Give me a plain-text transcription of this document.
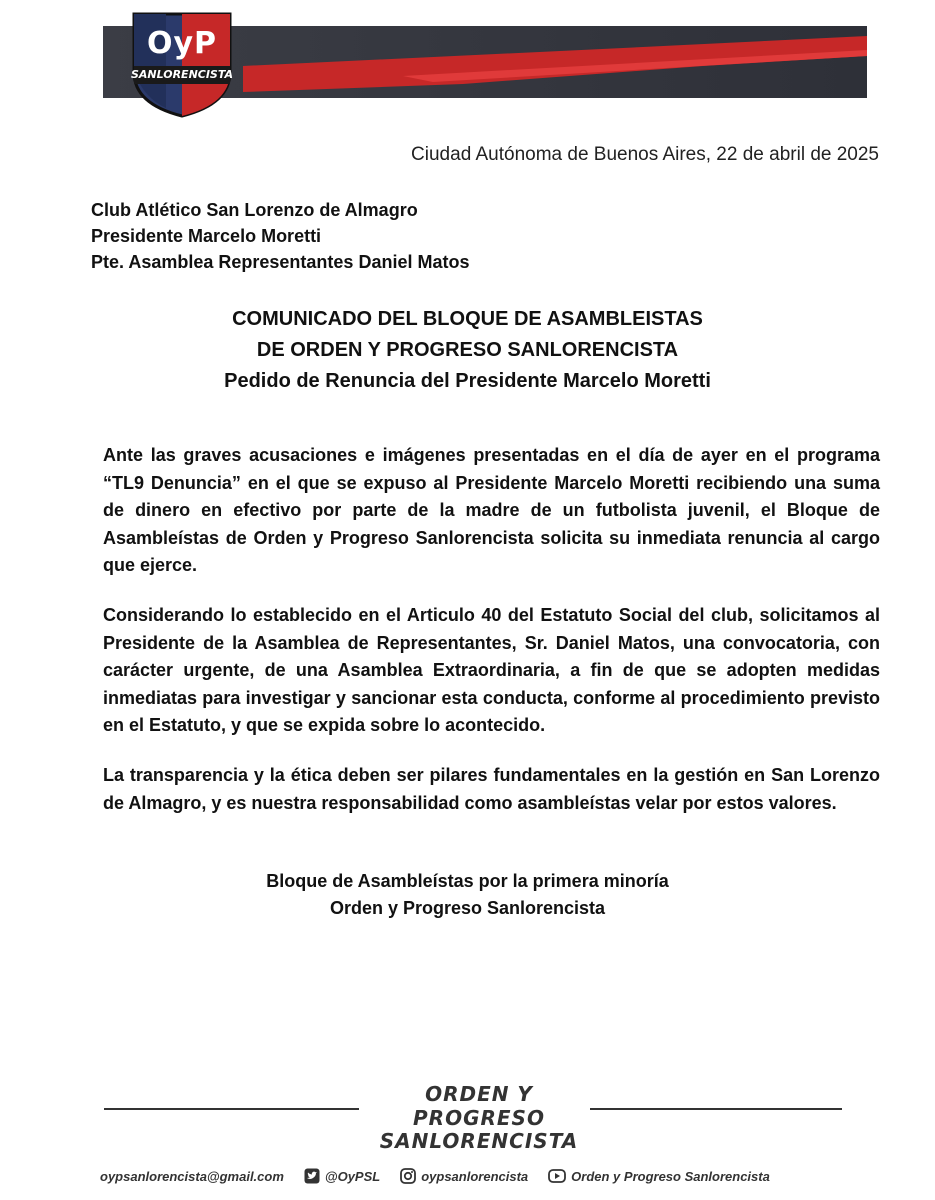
OyP
SANLORENCISTA
Ciudad Autónoma de Buenos Aires, 22 de abril de 2025
Club Atlético San Lorenzo de Almagro
Presidente Marcelo Moretti
Pte. Asamblea Representantes Daniel Matos
COMUNICADO DEL BLOQUE DE ASAMBLEISTAS
DE ORDEN Y PROGRESO SANLORENCISTA
Pedido de Renuncia del Presidente Marcelo Moretti
Ante las graves acusaciones e imágenes presentadas en el día de ayer en el programa “TL9 Denuncia” en el que se expuso al Presidente Marcelo Moretti recibiendo una suma de dinero en efectivo por parte de la madre de un futbolista juvenil, el Bloque de Asambleístas de Orden y Progreso Sanlorencista solicita su inmediata renuncia al cargo que ejerce.
Considerando lo establecido en el Articulo 40 del Estatuto Social del club, solicitamos al Presidente de la Asamblea de Representantes, Sr. Daniel Matos, una convocatoria, con carácter urgente, de una Asamblea Extraordinaria, a fin de que se adopten medidas inmediatas para investigar y sancionar esta conducta, conforme al procedimiento previsto en el Estatuto, y que se expida sobre lo acontecido.
La transparencia y la ética deben ser pilares fundamentales en la gestión en San Lorenzo de Almagro, y es nuestra responsabilidad como asambleístas velar por estos valores.
Bloque de Asambleístas por la primera minoría
Orden y Progreso Sanlorencista
ORDEN Y PROGRESO
SANLORENCISTA
oypsanlorencista@gmail.com	@OyPSL	oypsanlorencista	Orden y Progreso Sanlorencista
